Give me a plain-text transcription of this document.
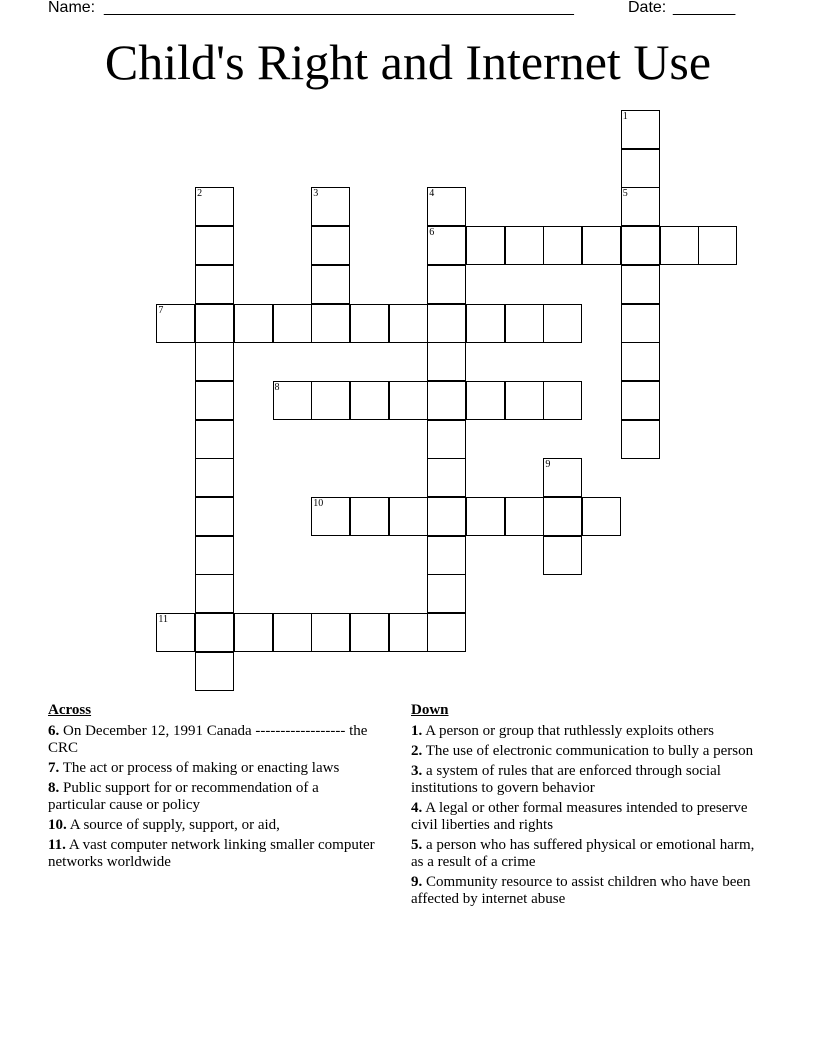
Name: ______________________________________________________	Date: _______
Child's Right and Internet Use
1
5
2	3	4
6
7
8
9
10
11
Across
6. On December 12, 1991 Canada ------------------ the CRC
7. The act or process of making or enacting laws
8. Public support for or recommendation of a particular cause or policy
10. A source of supply, support, or aid,
11. A vast computer network linking smaller computer networks worldwide
Down
1. A person or group that ruthlessly exploits others
2. The use of electronic communication to bully a person
3. a system of rules that are enforced through social institutions to govern behavior
4. A legal or other formal measures intended to preserve civil liberties and rights
5. a person who has suffered physical or emotional harm, as a result of a crime
9. Community resource to assist children who have been affected by internet abuse
